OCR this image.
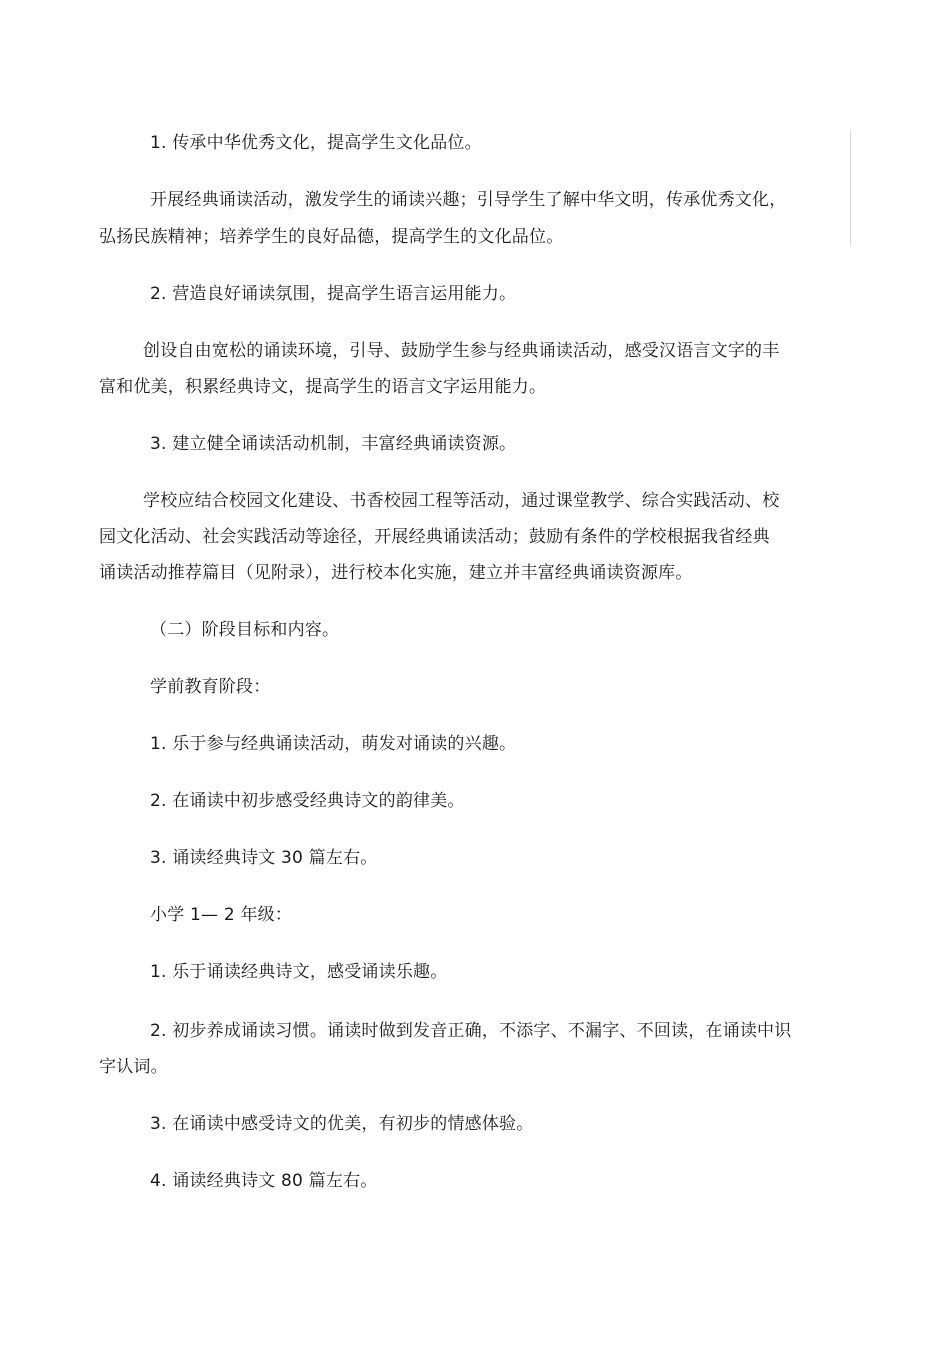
1. 传承中华优秀文化，提高学生文化品位。
开展经典诵读活动，激发学生的诵读兴趣；引导学生了解中华文明，传承优秀文化，
弘扬民族精神；培养学生的良好品德，提高学生的文化品位。
2. 营造良好诵读氛围，提高学生语言运用能力。
创设自由宽松的诵读环境，引导、鼓励学生参与经典诵读活动，感受汉语言文字的丰
富和优美，积累经典诗文，提高学生的语言文字运用能力。
3. 建立健全诵读活动机制，丰富经典诵读资源。
学校应结合校园文化建设、书香校园工程等活动，通过课堂教学、综合实践活动、校
园文化活动、社会实践活动等途径，开展经典诵读活动；鼓励有条件的学校根据我省经典
诵读活动推荐篇目（见附录），进行校本化实施，建立并丰富经典诵读资源库。
（二）阶段目标和内容。
学前教育阶段：
1. 乐于参与经典诵读活动，萌发对诵读的兴趣。
2. 在诵读中初步感受经典诗文的韵律美。
3. 诵读经典诗文 30 篇左右。
小学 1— 2 年级：
1. 乐于诵读经典诗文，感受诵读乐趣。
2. 初步养成诵读习惯。诵读时做到发音正确，不添字、不漏字、不回读，在诵读中识
字认词。
3. 在诵读中感受诗文的优美，有初步的情感体验。
4. 诵读经典诗文 80 篇左右。
